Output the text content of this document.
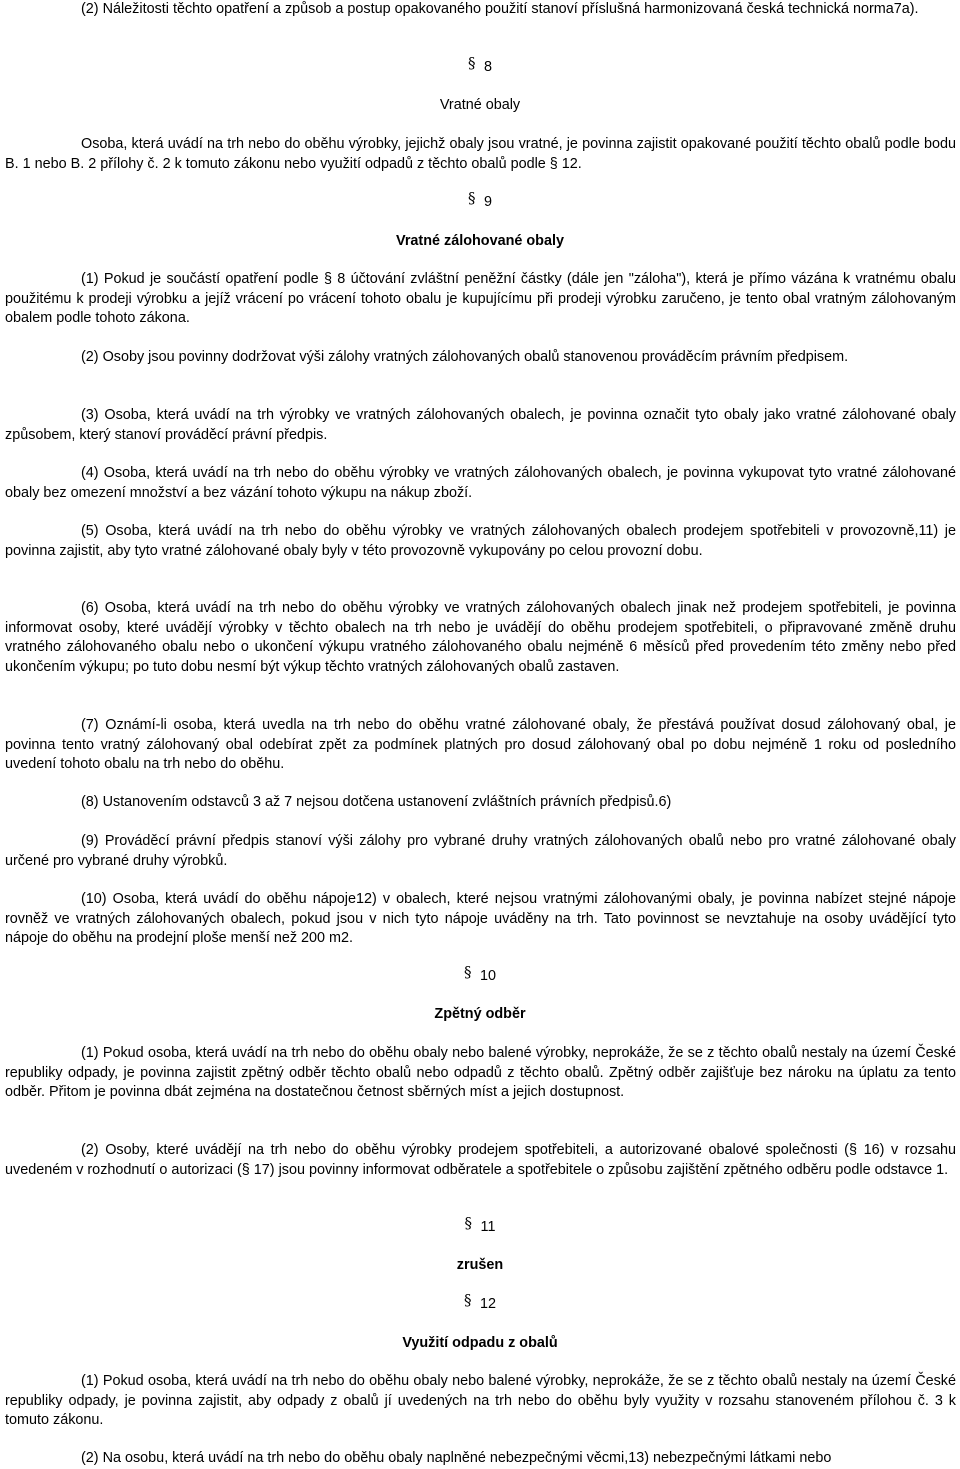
(2) Náležitosti těchto opatření a způsob a postup opakovaného použití stanoví příslušná harmonizovaná česká technická norma7a).

§ 8

Vratné obaly

Osoba, která uvádí na trh nebo do oběhu výrobky, jejichž obaly jsou vratné, je povinna zajistit opakované použití těchto obalů podle bodu B. 1 nebo B. 2 přílohy č. 2 k tomuto zákonu nebo využití odpadů z těchto obalů podle § 12.

§ 9

Vratné zálohované obaly

(1) Pokud je součástí opatření podle § 8 účtování zvláštní peněžní částky (dále jen "záloha"), která je přímo vázána k vratnému obalu použitému k prodeji výrobku a jejíž vrácení po vrácení tohoto obalu je kupujícímu při prodeji výrobku zaručeno, je tento obal vratným zálohovaným obalem podle tohoto zákona.

(2) Osoby jsou povinny dodržovat výši zálohy vratných zálohovaných obalů stanovenou prováděcím právním předpisem.

(3) Osoba, která uvádí na trh výrobky ve vratných zálohovaných obalech, je povinna označit tyto obaly jako vratné zálohované obaly způsobem, který stanoví prováděcí právní předpis.

(4) Osoba, která uvádí na trh nebo do oběhu výrobky ve vratných zálohovaných obalech, je povinna vykupovat tyto vratné zálohované obaly bez omezení množství a bez vázání tohoto výkupu na nákup zboží.

(5) Osoba, která uvádí na trh nebo do oběhu výrobky ve vratných zálohovaných obalech prodejem spotřebiteli v provozovně,11) je povinna zajistit, aby tyto vratné zálohované obaly byly v této provozovně vykupovány po celou provozní dobu.

(6) Osoba, která uvádí na trh nebo do oběhu výrobky ve vratných zálohovaných obalech jinak než prodejem spotřebiteli, je povinna informovat osoby, které uvádějí výrobky v těchto obalech na trh nebo je uvádějí do oběhu prodejem spotřebiteli, o připravované změně druhu vratného zálohovaného obalu nebo o ukončení výkupu vratného zálohovaného obalu nejméně 6 měsíců před provedením této změny nebo před ukončením výkupu; po tuto dobu nesmí být výkup těchto vratných zálohovaných obalů zastaven.

(7) Oznámí-li osoba, která uvedla na trh nebo do oběhu vratné zálohované obaly, že přestává používat dosud zálohovaný obal, je povinna tento vratný zálohovaný obal odebírat zpět za podmínek platných pro dosud zálohovaný obal po dobu nejméně 1 roku od posledního uvedení tohoto obalu na trh nebo do oběhu.

(8) Ustanovením odstavců 3 až 7 nejsou dotčena ustanovení zvláštních právních předpisů.6)

(9) Prováděcí právní předpis stanoví výši zálohy pro vybrané druhy vratných zálohovaných obalů nebo pro vratné zálohované obaly určené pro vybrané druhy výrobků.

(10) Osoba, která uvádí do oběhu nápoje12) v obalech, které nejsou vratnými zálohovanými obaly, je povinna nabízet stejné nápoje rovněž ve vratných zálohovaných obalech, pokud jsou v nich tyto nápoje uváděny na trh. Tato povinnost se nevztahuje na osoby uvádějící tyto nápoje do oběhu na prodejní ploše menší než 200 m2.

§ 10

Zpětný odběr

(1) Pokud osoba, která uvádí na trh nebo do oběhu obaly nebo balené výrobky, neprokáže, že se z těchto obalů nestaly na území České republiky odpady, je povinna zajistit zpětný odběr těchto obalů nebo odpadů z těchto obalů. Zpětný odběr zajišťuje bez nároku na úplatu za tento odběr. Přitom je povinna dbát zejména na dostatečnou četnost sběrných míst a jejich dostupnost.

(2) Osoby, které uvádějí na trh nebo do oběhu výrobky prodejem spotřebiteli, a autorizované obalové společnosti (§ 16) v rozsahu uvedeném v rozhodnutí o autorizaci (§ 17) jsou povinny informovat odběratele a spotřebitele o způsobu zajištění zpětného odběru podle odstavce 1.

§ 11

zrušen

§ 12

Využití odpadu z obalů

(1) Pokud osoba, která uvádí na trh nebo do oběhu obaly nebo balené výrobky, neprokáže, že se z těchto obalů nestaly na území České republiky odpady, je povinna zajistit, aby odpady z obalů jí uvedených na trh nebo do oběhu byly využity v rozsahu stanoveném přílohou č. 3 k tomuto zákonu.

(2) Na osobu, která uvádí na trh nebo do oběhu obaly naplněné nebezpečnými věcmi,13) nebezpečnými látkami nebo
